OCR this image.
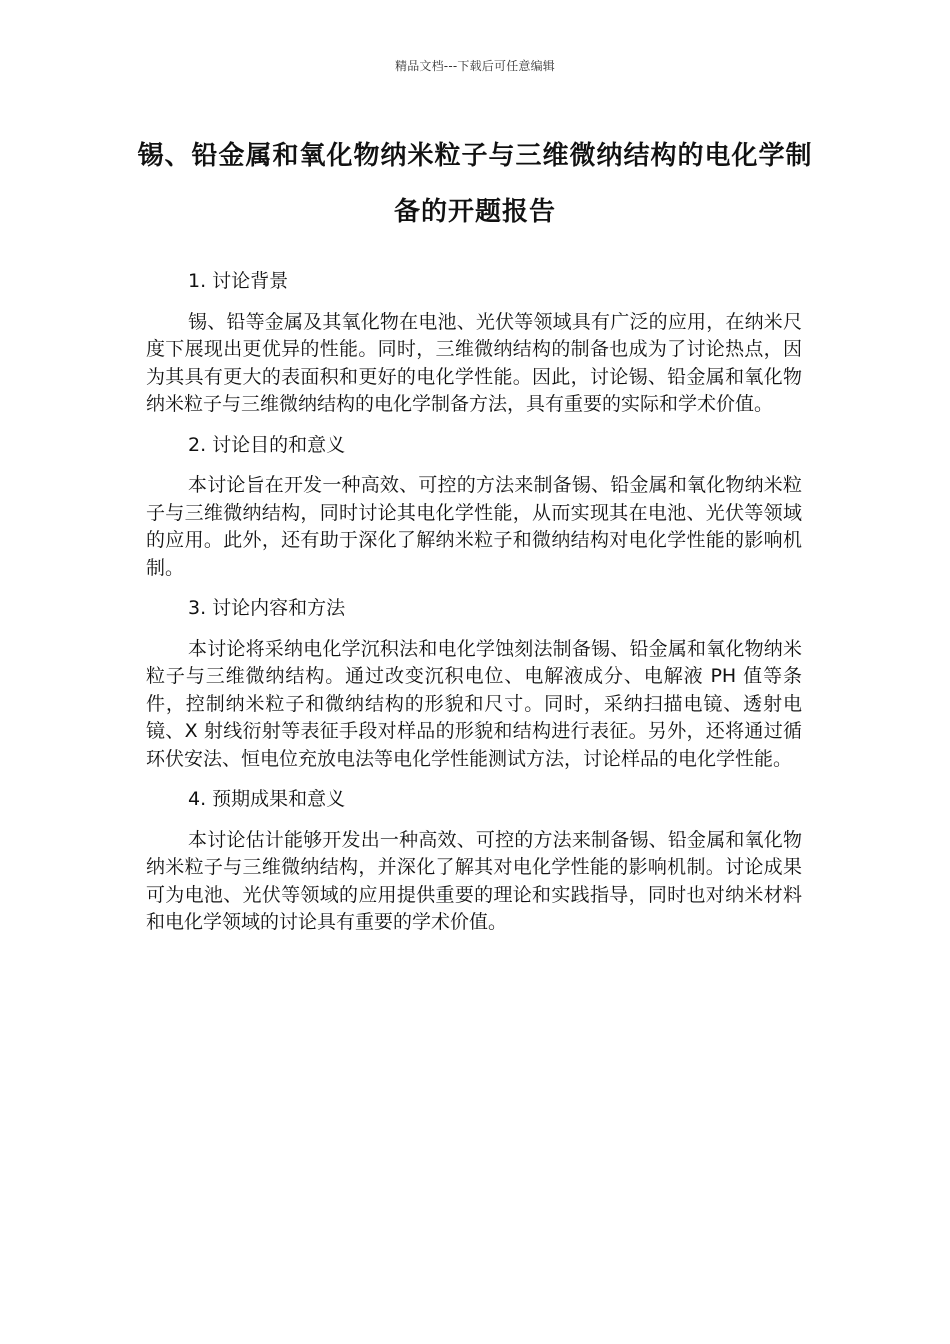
精品文档---下载后可任意编辑
锡、铅金属和氧化物纳米粒子与三维微纳结构的电化学制备的开题报告
1. 讨论背景
锡、铅等金属及其氧化物在电池、光伏等领域具有广泛的应用，在纳米尺度下展现出更优异的性能。同时，三维微纳结构的制备也成为了讨论热点，因为其具有更大的表面积和更好的电化学性能。因此，讨论锡、铅金属和氧化物纳米粒子与三维微纳结构的电化学制备方法，具有重要的实际和学术价值。
2. 讨论目的和意义
本讨论旨在开发一种高效、可控的方法来制备锡、铅金属和氧化物纳米粒子与三维微纳结构，同时讨论其电化学性能，从而实现其在电池、光伏等领域的应用。此外，还有助于深化了解纳米粒子和微纳结构对电化学性能的影响机制。
3. 讨论内容和方法
本讨论将采纳电化学沉积法和电化学蚀刻法制备锡、铅金属和氧化物纳米粒子与三维微纳结构。通过改变沉积电位、电解液成分、电解液 PH 值等条件，控制纳米粒子和微纳结构的形貌和尺寸。同时，采纳扫描电镜、透射电镜、X 射线衍射等表征手段对样品的形貌和结构进行表征。另外，还将通过循环伏安法、恒电位充放电法等电化学性能测试方法，讨论样品的电化学性能。
4. 预期成果和意义
本讨论估计能够开发出一种高效、可控的方法来制备锡、铅金属和氧化物纳米粒子与三维微纳结构，并深化了解其对电化学性能的影响机制。讨论成果可为电池、光伏等领域的应用提供重要的理论和实践指导，同时也对纳米材料和电化学领域的讨论具有重要的学术价值。
